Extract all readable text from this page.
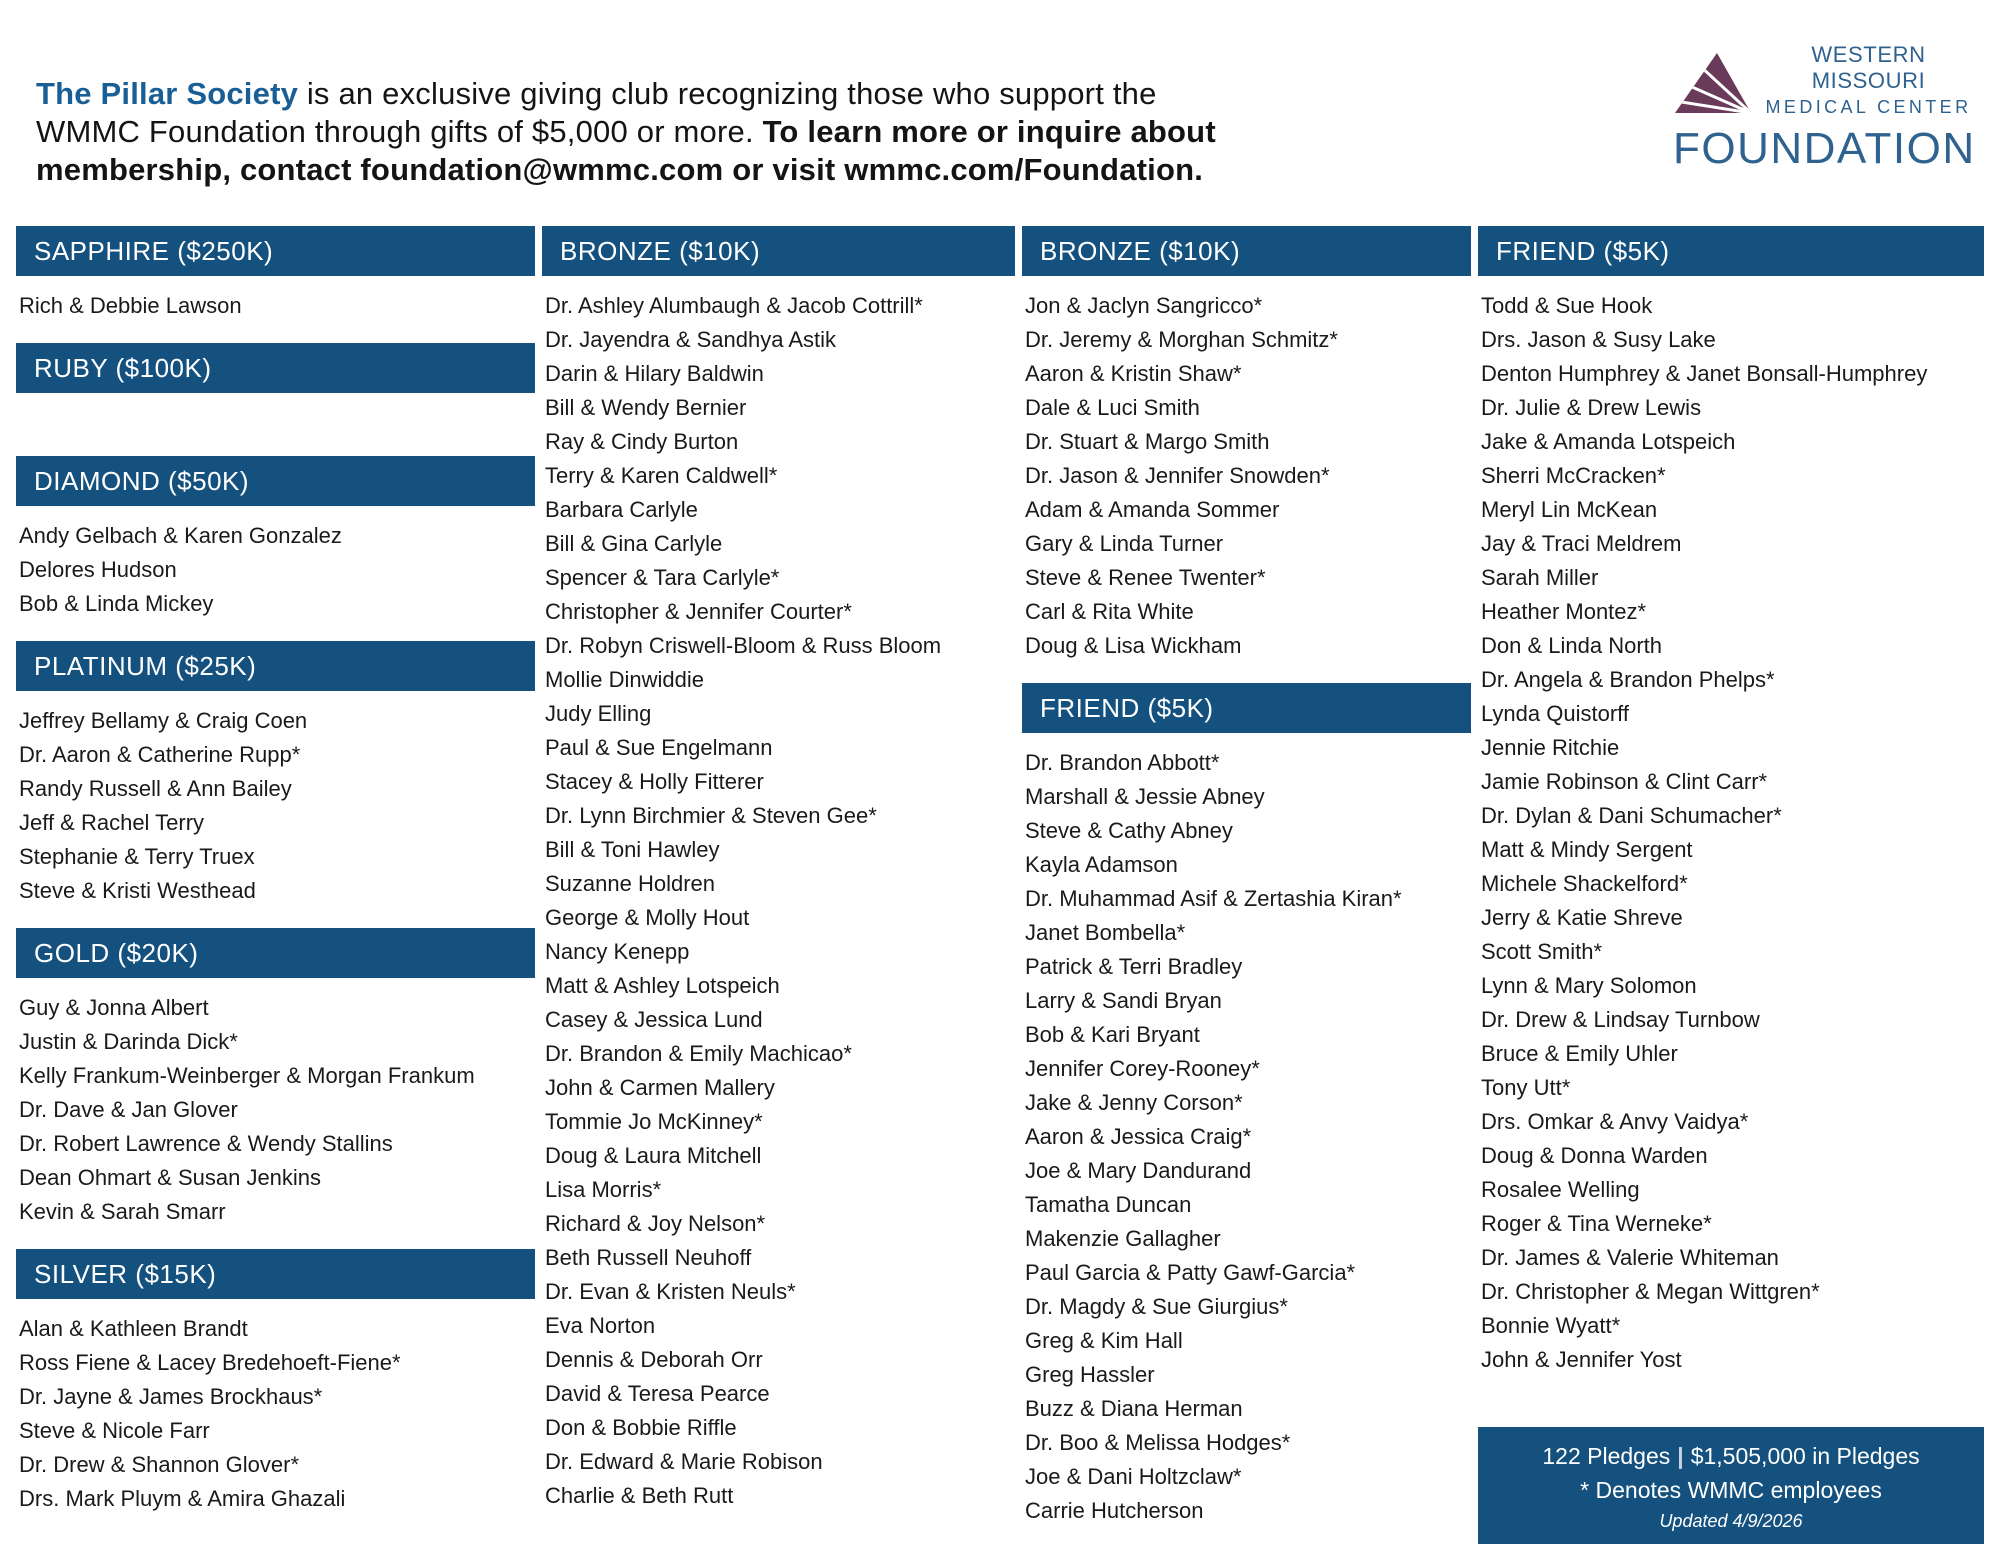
The Pillar Society is an exclusive giving club recognizing those who support the WMMC Foundation through gifts of $5,000 or more. To learn more or inquire about membership, contact foundation@wmmc.com or visit wmmc.com/Foundation.

WESTERN MISSOURI
MEDICAL CENTER
FOUNDATION
SAPPHIRE ($250K)
Rich & Debbie Lawson
RUBY ($100K)
DIAMOND ($50K)
Andy Gelbach & Karen Gonzalez
Delores Hudson
Bob & Linda Mickey
PLATINUM ($25K)
Jeffrey Bellamy & Craig Coen
Dr. Aaron & Catherine Rupp*
Randy Russell & Ann Bailey
Jeff & Rachel Terry
Stephanie & Terry Truex
Steve & Kristi Westhead
GOLD ($20K)
Guy & Jonna Albert
Justin & Darinda Dick*
Kelly Frankum-Weinberger & Morgan Frankum
Dr. Dave & Jan Glover
Dr. Robert Lawrence & Wendy Stallins
Dean Ohmart & Susan Jenkins
Kevin & Sarah Smarr
SILVER ($15K)
Alan & Kathleen Brandt
Ross Fiene & Lacey Bredehoeft-Fiene*
Dr. Jayne & James Brockhaus*
Steve & Nicole Farr
Dr. Drew & Shannon Glover*
Drs. Mark Pluym & Amira Ghazali
BRONZE ($10K)
Dr. Ashley Alumbaugh & Jacob Cottrill*
Dr. Jayendra & Sandhya Astik
Darin & Hilary Baldwin
Bill & Wendy Bernier
Ray & Cindy Burton
Terry & Karen Caldwell*
Barbara Carlyle
Bill & Gina Carlyle
Spencer & Tara Carlyle*
Christopher & Jennifer Courter*
Dr. Robyn Criswell-Bloom & Russ Bloom
Mollie Dinwiddie
Judy Elling
Paul & Sue Engelmann
Stacey & Holly Fitterer
Dr. Lynn Birchmier & Steven Gee*
Bill & Toni Hawley
Suzanne Holdren
George & Molly Hout
Nancy Kenepp
Matt & Ashley Lotspeich
Casey & Jessica Lund
Dr. Brandon & Emily Machicao*
John & Carmen Mallery
Tommie Jo McKinney*
Doug & Laura Mitchell
Lisa Morris*
Richard & Joy Nelson*
Beth Russell Neuhoff
Dr. Evan & Kristen Neuls*
Eva Norton
Dennis & Deborah Orr
David & Teresa Pearce
Don & Bobbie Riffle
Dr. Edward & Marie Robison
Charlie & Beth Rutt
BRONZE ($10K)
Jon & Jaclyn Sangricco*
Dr. Jeremy & Morghan Schmitz*
Aaron & Kristin Shaw*
Dale & Luci Smith
Dr. Stuart & Margo Smith
Dr. Jason & Jennifer Snowden*
Adam & Amanda Sommer
Gary & Linda Turner
Steve & Renee Twenter*
Carl & Rita White
Doug & Lisa Wickham
FRIEND ($5K)
Dr. Brandon Abbott*
Marshall & Jessie Abney
Steve & Cathy Abney
Kayla Adamson
Dr. Muhammad Asif & Zertashia Kiran*
Janet Bombella*
Patrick & Terri Bradley
Larry & Sandi Bryan
Bob & Kari Bryant
Jennifer Corey-Rooney*
Jake & Jenny Corson*
Aaron & Jessica Craig*
Joe & Mary Dandurand
Tamatha Duncan
Makenzie Gallagher
Paul Garcia & Patty Gawf-Garcia*
Dr. Magdy & Sue Giurgius*
Greg & Kim Hall
Greg Hassler
Buzz & Diana Herman
Dr. Boo & Melissa Hodges*
Joe & Dani Holtzclaw*
Carrie Hutcherson
FRIEND ($5K)
Todd & Sue Hook
Drs. Jason & Susy Lake
Denton Humphrey & Janet Bonsall-Humphrey
Dr. Julie & Drew Lewis
Jake & Amanda Lotspeich
Sherri McCracken*
Meryl Lin McKean
Jay & Traci Meldrem
Sarah Miller
Heather Montez*
Don & Linda North
Dr. Angela & Brandon Phelps*
Lynda Quistorff
Jennie Ritchie
Jamie Robinson & Clint Carr*
Dr. Dylan & Dani Schumacher*
Matt & Mindy Sergent
Michele Shackelford*
Jerry & Katie Shreve
Scott Smith*
Lynn & Mary Solomon
Dr. Drew & Lindsay Turnbow
Bruce & Emily Uhler
Tony Utt*
Drs. Omkar & Anvy Vaidya*
Doug & Donna Warden
Rosalee Welling
Roger & Tina Werneke*
Dr. James & Valerie Whiteman
Dr. Christopher & Megan Wittgren*
Bonnie Wyatt*
John & Jennifer Yost
122 Pledges | $1,505,000 in Pledges
* Denotes WMMC employees
Updated 4/9/2026
